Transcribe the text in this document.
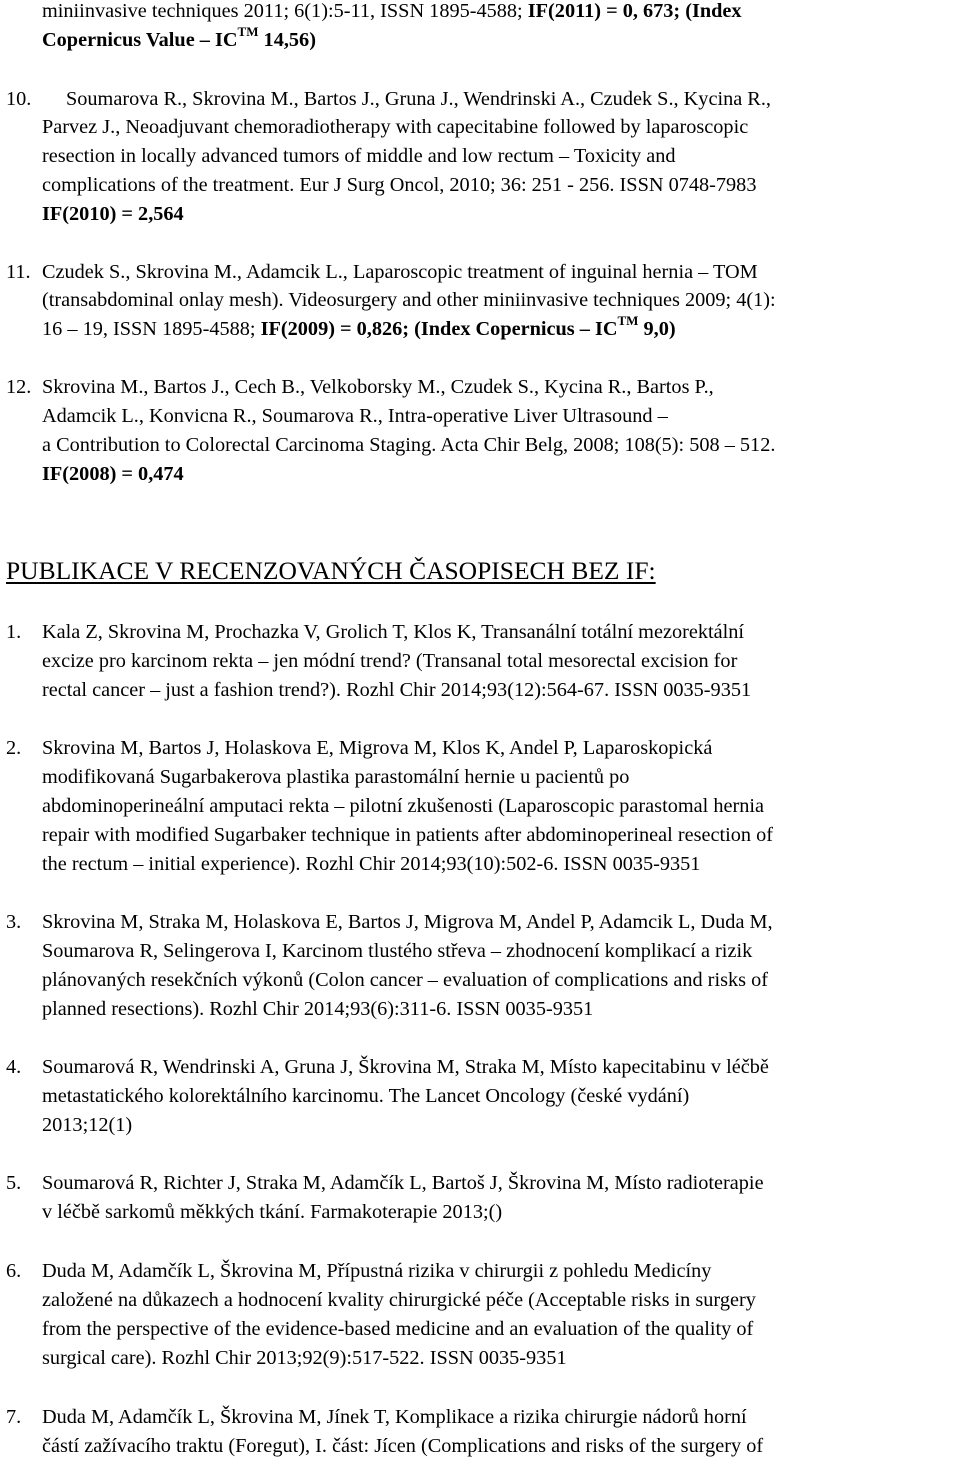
miniinvasive techniques 2011; 6(1):5-11, ISSN 1895-4588; IF(2011) = 0, 673; (Index
Copernicus Value – IC™ 14,56)
10. Soumarova R., Skrovina M., Bartos J., Gruna J., Wendrinski A., Czudek S., Kycina R.,
Parvez J., Neoadjuvant chemoradiotherapy with capecitabine followed by laparoscopic
resection in locally advanced tumors of middle and low rectum – Toxicity and
complications of the treatment. Eur J Surg Oncol, 2010; 36: 251 - 256. ISSN 0748-7983
IF(2010) = 2,564
11. Czudek S., Skrovina M., Adamcik L., Laparoscopic treatment of inguinal hernia – TOM
(transabdominal onlay mesh). Videosurgery and other miniinvasive techniques 2009; 4(1):
16 – 19, ISSN 1895-4588; IF(2009) = 0,826; (Index Copernicus – IC™ 9,0)
12. Skrovina M., Bartos J., Cech B., Velkoborsky M., Czudek S., Kycina R., Bartos P.,
Adamcik L., Konvicna R., Soumarova R., Intra-operative Liver Ultrasound –
a Contribution to Colorectal Carcinoma Staging. Acta Chir Belg, 2008; 108(5): 508 – 512.
IF(2008) = 0,474
PUBLIKACE V RECENZOVANÝCH ČASOPISECH BEZ IF:
1. Kala Z, Skrovina M, Prochazka V, Grolich T, Klos K, Transanální totální mezorektální
excize pro karcinom rekta – jen módní trend? (Transanal total mesorectal excision for
rectal cancer – just a fashion trend?). Rozhl Chir 2014;93(12):564-67. ISSN 0035-9351
2. Skrovina M, Bartos J, Holaskova E, Migrova M, Klos K, Andel P, Laparoskopická
modifikovaná Sugarbakerova plastika parastomální hernie u pacientů po
abdominoperineální amputaci rekta – pilotní zkušenosti (Laparoscopic parastomal hernia
repair with modified Sugarbaker technique in patients after abdominoperineal resection of
the rectum – initial experience). Rozhl Chir 2014;93(10):502-6. ISSN 0035-9351
3. Skrovina M, Straka M, Holaskova E, Bartos J, Migrova M, Andel P, Adamcik L, Duda M,
Soumarova R, Selingerova I, Karcinom tlustého střeva – zhodnocení komplikací a rizik
plánovaných resekčních výkonů (Colon cancer – evaluation of complications and risks of
planned resections). Rozhl Chir 2014;93(6):311-6. ISSN 0035-9351
4. Soumarová R, Wendrinski A, Gruna J, Škrovina M, Straka M, Místo kapecitabinu v léčbě
metastatického kolorektálního karcinomu. The Lancet Oncology (české vydání)
2013;12(1)
5. Soumarová R, Richter J, Straka M, Adamčík L, Bartoš J, Škrovina M, Místo radioterapie
v léčbě sarkomů měkkých tkání. Farmakoterapie 2013;()
6. Duda M, Adamčík L, Škrovina M, Přípustná rizika v chirurgii z pohledu Medicíny
založené na důkazech a hodnocení kvality chirurgické péče (Acceptable risks in surgery
from the perspective of the evidence-based medicine and an evaluation of the quality of
surgical care). Rozhl Chir 2013;92(9):517-522. ISSN 0035-9351
7. Duda M, Adamčík L, Škrovina M, Jínek T, Komplikace a rizika chirurgie nádorů horní
částí zažívacího traktu (Foregut), I. část: Jícen (Complications and risks of the surgery of
